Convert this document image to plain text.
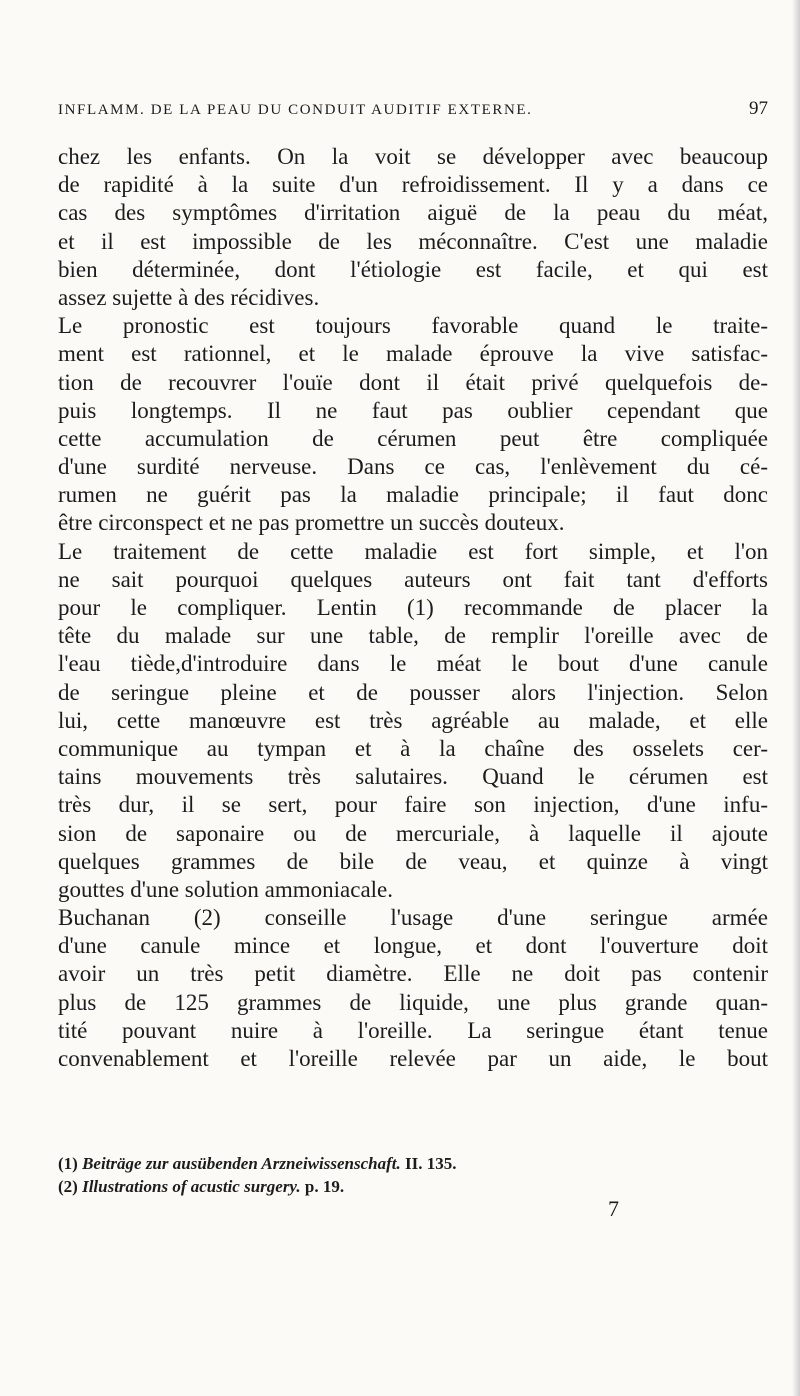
INFLAMM. DE LA PEAU DU CONDUIT AUDITIF EXTERNE.	97
chez les enfants. On la voit se développer avec beaucoup
de rapidité à la suite d'un refroidissement. Il y a dans ce
cas des symptômes d'irritation aiguë de la peau du méat,
et il est impossible de les méconnaître. C'est une maladie
bien déterminée, dont l'étiologie est facile, et qui est
assez sujette à des récidives.
Le pronostic est toujours favorable quand le traite-
ment est rationnel, et le malade éprouve la vive satisfac-
tion de recouvrer l'ouïe dont il était privé quelquefois de-
puis longtemps. Il ne faut pas oublier cependant que
cette accumulation de cérumen peut être compliquée
d'une surdité nerveuse. Dans ce cas, l'enlèvement du cé-
rumen ne guérit pas la maladie principale; il faut donc
être circonspect et ne pas promettre un succès douteux.
Le traitement de cette maladie est fort simple, et l'on
ne sait pourquoi quelques auteurs ont fait tant d'efforts
pour le compliquer. Lentin (1) recommande de placer la
tête du malade sur une table, de remplir l'oreille avec de
l'eau tiède,d'introduire dans le méat le bout d'une canule
de seringue pleine et de pousser alors l'injection. Selon
lui, cette manœuvre est très agréable au malade, et elle
communique au tympan et à la chaîne des osselets cer-
tains mouvements très salutaires. Quand le cérumen est
très dur, il se sert, pour faire son injection, d'une infu-
sion de saponaire ou de mercuriale, à laquelle il ajoute
quelques grammes de bile de veau, et quinze à vingt
gouttes d'une solution ammoniacale.
Buchanan (2) conseille l'usage d'une seringue armée
d'une canule mince et longue, et dont l'ouverture doit
avoir un très petit diamètre. Elle ne doit pas contenir
plus de 125 grammes de liquide, une plus grande quan-
tité pouvant nuire à l'oreille. La seringue étant tenue
convenablement et l'oreille relevée par un aide, le bout
(1) Beiträge zur ausübenden Arzneiwissenschaft. II. 135.
(2) Illustrations of acustic surgery. p. 19.
7
